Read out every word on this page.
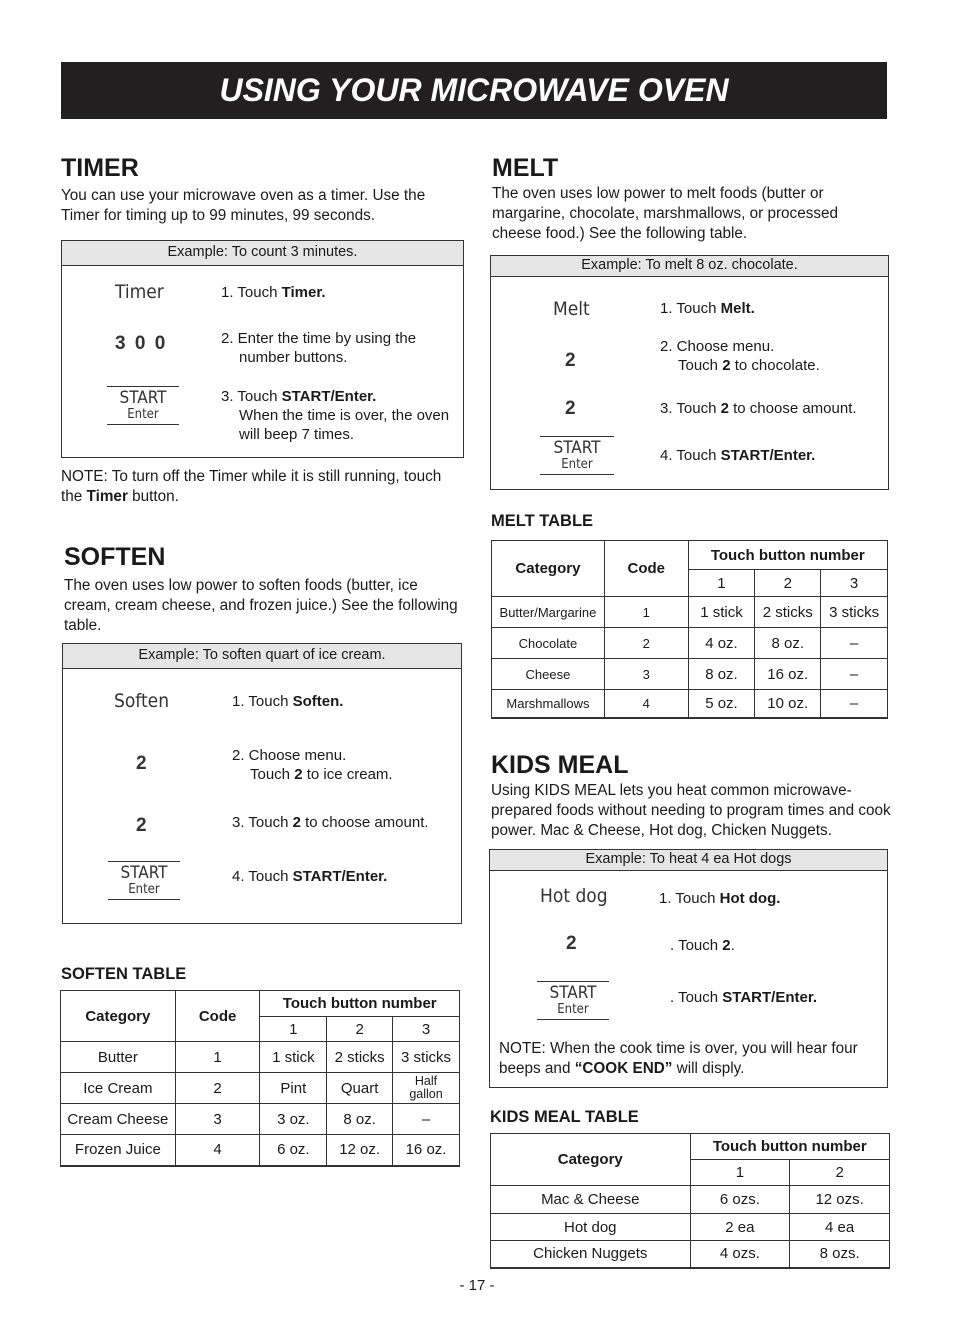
USING YOUR MICROWAVE OVEN
TIMER
You can use your microwave oven as a timer. Use the Timer for timing up to 99 minutes, 99 seconds.
Example: To count 3 minutes.
Timer
3 0 0
START
Enter
1. Touch Timer.
2. Enter the time by using the number buttons.
3. Touch START/Enter.
When the time is over, the oven will beep 7 times.
NOTE: To turn off the Timer while it is still running, touch the Timer button.
SOFTEN
The oven uses low power to soften foods (butter, ice cream, cream cheese, and frozen juice.) See the following table.
Example: To soften quart of ice cream.
Soften
2
2
START
Enter
1. Touch Soften.
2. Choose menu.
Touch 2 to ice cream.
3. Touch 2 to choose amount.
4. Touch START/Enter.
SOFTEN TABLE
Category	Code	Touch button number		
		1	2	3
Butter	1	1 stick	2 sticks	3 sticks
Ice Cream	2	Pint	Quart	Half gallon
Cream Cheese	3	3 oz.	8 oz.	–
Frozen Juice	4	6 oz.	12 oz.	16 oz.
MELT
The oven uses low power to melt foods (butter or margarine, chocolate, marshmallows, or processed cheese food.) See the following table.
Example: To melt 8 oz. chocolate.
Melt
2
2
START
Enter
1. Touch Melt.
2. Choose menu.
Touch 2 to chocolate.
3. Touch 2 to choose amount.
4. Touch START/Enter.
MELT TABLE
Category	Code	Touch button number		
		1	2	3
Butter/Margarine	1	1 stick	2 sticks	3 sticks
Chocolate	2	4 oz.	8 oz.	–
Cheese	3	8 oz.	16 oz.	–
Marshmallows	4	5 oz.	10 oz.	–
KIDS MEAL
Using KIDS MEAL lets you heat common microwave-prepared foods without needing to program times and cook power. Mac & Cheese, Hot dog, Chicken Nuggets.
Example: To heat 4 ea Hot dogs
Hot dog
2
START
Enter
1. Touch Hot dog.
. Touch 2.
. Touch START/Enter.
NOTE: When the cook time is over, you will hear four beeps and “COOK END” will disply.
KIDS MEAL TABLE
Category	Touch button number	
	1	2
Mac & Cheese	6 ozs.	12 ozs.
Hot dog	2 ea	4 ea
Chicken Nuggets	4 ozs.	8 ozs.
- 17 -
